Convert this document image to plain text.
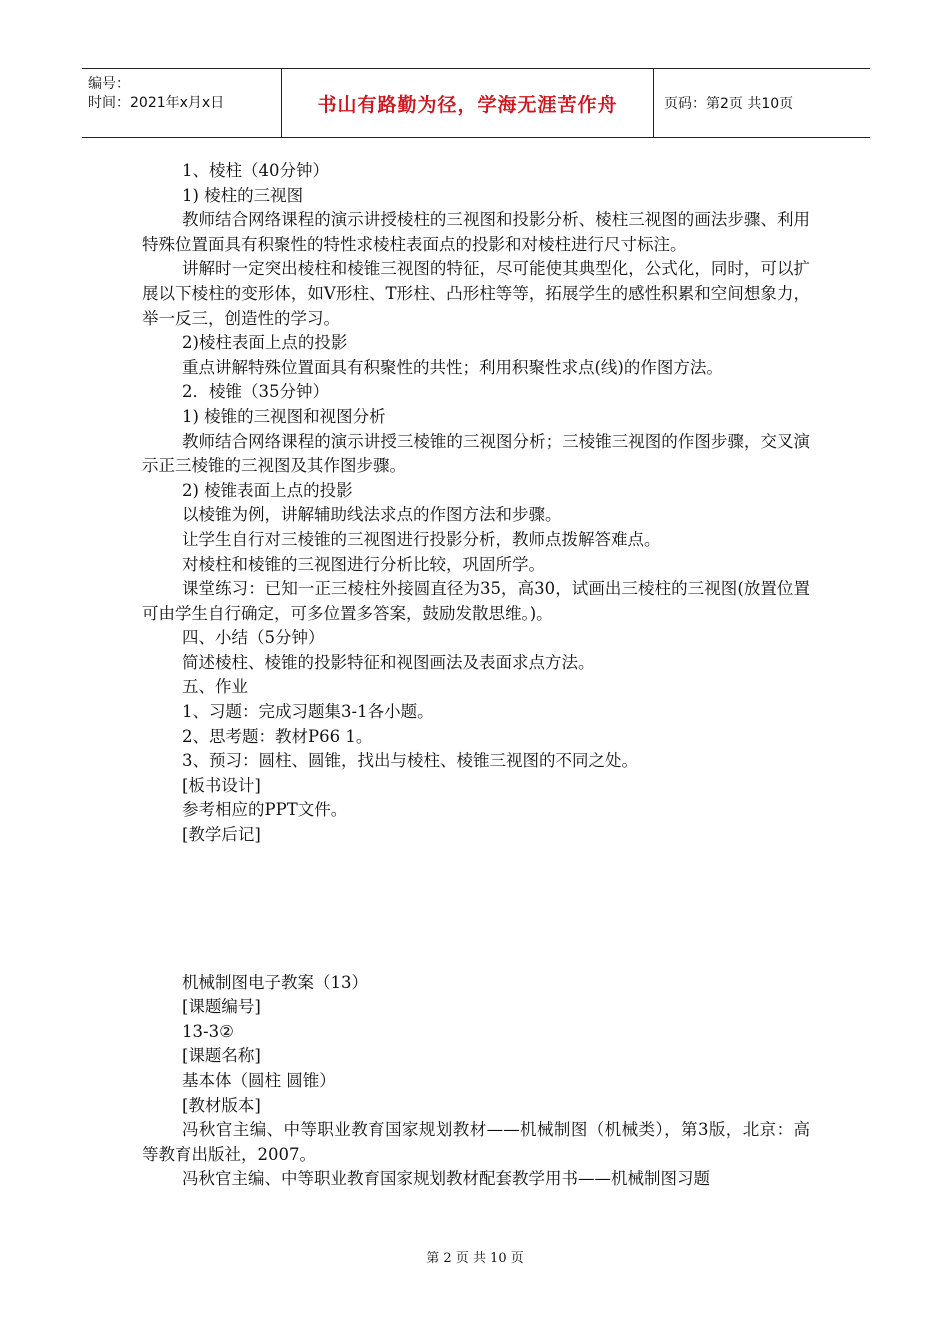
编号：
时间：2021年x月x日	书山有路勤为径，学海无涯苦作舟	页码：第2页 共10页

1、棱柱（40分钟）

1) 棱柱的三视图

教师结合网络课程的演示讲授棱柱的三视图和投影分析、棱柱三视图的画法步骤、利用特殊位置面具有积聚性的特性求棱柱表面点的投影和对棱柱进行尺寸标注。

讲解时一定突出棱柱和棱锥三视图的特征，尽可能使其典型化，公式化，同时，可以扩展以下棱柱的变形体，如V形柱、T形柱、凸形柱等等，拓展学生的感性积累和空间想象力，举一反三，创造性的学习。

2)棱柱表面上点的投影

重点讲解特殊位置面具有积聚性的共性；利用积聚性求点(线)的作图方法。

2．棱锥（35分钟）

1) 棱锥的三视图和视图分析

教师结合网络课程的演示讲授三棱锥的三视图分析；三棱锥三视图的作图步骤，交叉演示正三棱锥的三视图及其作图步骤。

2) 棱锥表面上点的投影

以棱锥为例，讲解辅助线法求点的作图方法和步骤。

让学生自行对三棱锥的三视图进行投影分析，教师点拨解答难点。

对棱柱和棱锥的三视图进行分析比较，巩固所学。

课堂练习：已知一正三棱柱外接圆直径为35，高30，试画出三棱柱的三视图(放置位置可由学生自行确定，可多位置多答案，鼓励发散思维。)。

四、小结（5分钟）

简述棱柱、棱锥的投影特征和视图画法及表面求点方法。

五、作业

1、习题：完成习题集3-1各小题。

2、思考题：教材P66 1。

3、预习：圆柱、圆锥，找出与棱柱、棱锥三视图的不同之处。

[板书设计]

参考相应的PPT文件。

[教学后记]

机械制图电子教案（13）

[课题编号]

13-3②

[课题名称]

基本体（圆柱 圆锥）

[教材版本]

冯秋官主编、中等职业教育国家规划教材——机械制图（机械类），第3版，北京：高等教育出版社，2007。

冯秋官主编、中等职业教育国家规划教材配套教学用书——机械制图习题

第 2 页 共 10 页
